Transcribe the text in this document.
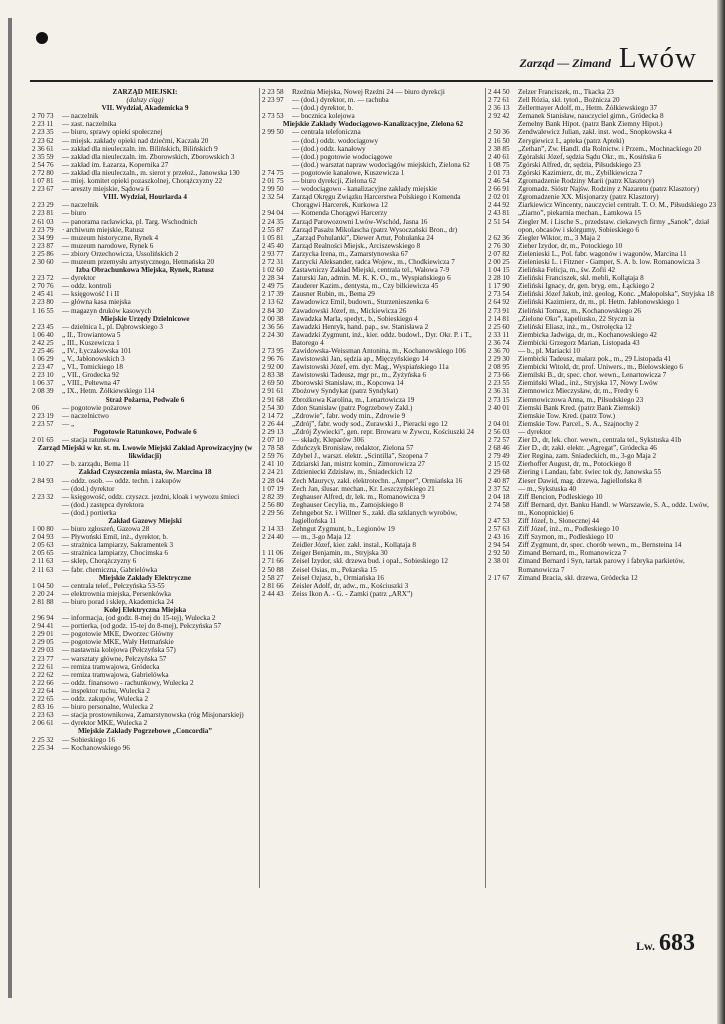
Zarząd — Zimand Lwów
ZARZĄD MIEJSKI:
(dalszy ciąg)
VII. Wydział, Akademicka 9
2 70 73	— naczelnik
2 23 11	— zast. naczelnika
2 23 35	— biuro, sprawy opieki społecznej
2 23 62	— miejsk. zakłady opieki nad dziećmi, Kaczała 20
2 36 61	— zakład dla nieuleczaln. im. Bilińskich, Bilińskich 9
2 35 59	— zakład dla nieuleczaln. im. Zborowskich, Zborowskich 3
2 54 76	— zakład im. Łazarza, Kopernika 27
2 72 80	— zakład dla nieuleczaln., m. sierot y przełoż., Janowska 130
1 07 81	— miej. komitet opieki pozaszkolnej, Chorążczyzny 22
2 23 67	— areszty miejskie, Sądowa 6
VIII. Wydział, Hourlarda 4
2 23 29	— naczelnik
2 23 81	— biuro
2 61 03	— panorama racławicka, pl. Targ. Wschodnich
2 23 79	· archiwum miejskie, Ratusz
2 34 99	— muzeum historyczne, Rynek 4
2 23 87	— muzeum narodowe, Rynek 6
2 25 86	— zbiory Orzechowicza, Ussolińskich 2
2 30 60	— muzeum przemysłu artystycznego, Hetmańska 20
Izba Obrachunkowa Miejska, Rynek, Ratusz
2 23 72	— dyrektor
2 70 76	— oddz. kontroli
2 45 41	— księgowość I i II
2 23 80	— główna kasa miejska
1 16 55	— magazyn druków kasowych
Miejskie Urzędy Dzielnicowe
2 23 45	— dzielnica I., pl. Dąbrowskiego 3
1 06 40	„ II., Trowiantowa 5
2 42 25	„ III., Kuszewicza 1
2 25 46	„ IV., Łyczakowska 101
1 06 29	„ V., Jabłonowskich 3
2 23 47	„ VI., Tomickiego 18
2 23 10	„ VII., Grodecka 92
1 06 37	„ VIII., Pełtewna 47
2 08 39	„ IX., Hetm. Żółkiewskiego 114
Straż Pożarna, Podwale 6
06	— pogotowie pożarowe
2 23 19	— naczelnictwo
2 23 57	— „
Pogotowie Ratunkowe, Podwale 6
2 01 65	— stacja ratunkowa
Zarząd Miejski w kr. st. m. Lwowie Miejski Zakład Aprowizacyjny (w likwidacji)
1 10 27	— b. zarządu, Bema 11
Zakład Czyszczenia miasta, św. Marcina 18
2 84 93	— oddz. osob. — oddz. techn. i zakupów
— (dod.) dyrektor
2 23 32	— księgowość, oddz. czyszcz. jezdni, kloak i wywozu śmieci
— (dod.) zastępca dyrektora
— (dod.) portierka
Zakład Gazowy Miejski
1 00 80	— biuro zgłoszeń, Gazowa 28
2 04 93	— Pływoński Emil, inż., dyrektor, b.
2 05 63	— strażnica lampiarzy, Sakramentek 3
2 05 65	— strażnica lampiarzy, Chocimska 6
2 11 63	— sklep, Chorążczyzny 6
2 11 63	— fabr. chemiczna, Gabrielówka
Miejskie Zakłady Elektryczne
1 04 50	— centrala telef., Pełczyńska 53-55
2 20 24	— elektrownia miejska, Persenkówka
2 81 88	— biuro porad i sklep, Akademicka 24
Kolej Elektryczna Miejska
2 96 94	— informacja, (od godz. 8-mej do 15-tej), Wulecka 2
2 94 41	— portierka, (od godz. 15-tej do 8-mej), Pełczyńska 57
2 29 01	— pogotowie MKE, Dworzec Główny
2 29 05	— pogotowie MKE, Wały Hetmańskie
2 29 03	— nastawnia kolejowa (Pełczyńska 57)
2 23 77	— warsztaty główne, Pełczyńska 57
2 22 61	— remiza tramwajowa, Gródecka
2 22 62	— remiza tramwajowa, Gabrielówka
2 22 66	— oddz. finansowo - rachunkowy, Wulecka 2
2 22 64	— inspektor ruchu, Wulecka 2
2 22 65	— oddz. zakupów, Wulecka 2
2 83 16	— biuro personalne, Wulecka 2
2 23 63	— stacja prostownikowa, Zamarstynowska (róg Misjonarskiej)
2 06 61	— dyrektor MKE, Wulecka 2
Miejskie Zakłady Pogrzebowe „Concordia”
2 25 32	— Sobieskiego 16
2 25 34	— Kochanowskiego 96
2 23 58	Rzeźnia Miejska, Nowej Rzeźni 24 — biuro dyrekcji
2 23 97	— (dod.) dyrektor, m. — rachuba
— (dod.) dyrektor, b.
2 73 53	— bocznica kolejowa
Miejskie Zakłady Wodociągowo-Kanalizacyjne, Zielona 62
2 99 50	— centrala telefoniczna
— (dod.) oddz. wodociągowy
— (dod.) oddz. kanałowy
— (dod.) pogotowie wodociągowe
— (dod.) warsztat napraw wodociągów miejskich, Zielona 62
2 74 75	— pogotowie kanałowe, Kuszewicza 1
2 01 75	— biuro dyrekcji, Zielona 62
2 99 50	— wodociągowo - kanalizacyjne zakłady miejskie
2 32 54	Zarząd Okręgu Związku Harcerstwa Polskiego i Komenda Chorągwi Harcerek, Kurkowa 12
2 94 04	— Komenda Chorągwi Harcerzy
2 24 35	Zarząd Parowozowni Lwów-Wschód, Jasna 16
2 55 87	Zarząd Pasażu Mikolascha (patrz Wysoczański Bron., dr)
1 05 81	„Zarząd Pohulanki”, Diewer Artur, Pohulanka 24
2 45 40	Zarząd Realności Miejsk., Arciszewskiego 8
2 93 77	Zarzycka Irena, m., Zamarstynowska 67
2 72 31	Zarzycki Aleksander, radca Wojew., m., Chodkiewicza 7
1 02 60	Zastawniczy Zakład Miejski, centrala tel., Wałowa 7-9
2 28 34	Zaturski Jan, admin. M. K. K. O., m., Wyspiańskiego 6
2 49 75	Zauderer Kazim., dentysta, m., Czy bilkiewicza 45
2 17 39	Zausner Rubin, m., Bema 29
2 13 62	Zawadowicz Emil, budown., Sturzenieszenka 6
2 84 30	Zawadowski Józef, m., Mickiewicza 26
2 00 38	Zawadzka Marla, spedyt., b., Sobieskiego 4
2 36 56	Zawadzki Henryk, hand. pap., sw. Stanisława 2
2 24 30	Zawadzki Zygmunt, inż., kier. oddz. budowl., Dyr. Okr. P. i T., Batorego 4
2 73 95	Zawidowska-Weissman Antonina, m., Kochanowskiego 106
2 96 76	Zawistowski Jan, sędzia ap., Mięczyńskiego 14
2 92 00	Zawistowski Józef, em. dyr. Mag., Wyspiańskiego 11a
2 83 38	Zawistowski Tadeusz, mgr pr., m., Żyżyńska 6
2 69 50	Zborowski Stanisław, m., Kopcowa 14
2 91 61	Zbożowy Syndykat (patrz Syndykat)
2 91 68	Zbrożkowa Karolina, m., Lenartowicza 19
2 54 30	Zdon Stanisław (patrz Pogrzebowy Zakł.)
2 14 72	„Zdrowie”, fabr. wody min., Zdrowie 9
2 26 44	„Zdrój”, fabr. wody sod., Zurawski J., Pieracki ego 12
2 29 13	„Zdrój Żywiecki”, gen. repr. Browaru w Żywcu, Kościuszki 24
2 07 10	— składy, Kleparów 306
2 78 58	Zduńczyk Bronisław, redaktor, Zielona 57
2 59 76	Zdybel J., warszt. elektr. „Scintilla”, Szopena 7
2 41 10	Zdziarski Jan, mistrz komin., Zimorowicza 27
2 24 21	Zdzieniecki Zdzisław, m., Śniadeckich 12
2 28 04	Zech Maurycy, zakł. elektrotechn. „Amper”, Ormiańska 16
1 07 19	Zech Jan, ślusar. mechan., Kr. Leszczyńskiego 21
2 82 39	Zeghauser Alfred, dr, lek. m., Romanowicza 9
2 56 80	Zeghauser Cecylia, m., Zamojskiego 8
2 29 56	Zehngebot Sz. i Willner S., zakł. dla szklanych wyrobów, Jagiellońska 11
2 14 33	Zehngut Zygmunt, b., Legionów 19
2 24 40	— m., 3-go Maja 12
Zeidler Józef, kier. zakł. instal., Kollątaja 8
1 11 06	Zeiger Benjamin, m., Stryjska 30
2 71 66	Zeisel Izydor, skł. drzewa bud. i opał., Sobieskiego 12
2 50 88	Zeisel Osias, m., Pekarska 15
2 58 27	Zeisel Ozjasz, b., Ormiańska 16
2 81 66	Zeisler Adolf, dr, adw., m., Kościuszki 3
2 44 43	Zeiss Ikon A. - G. - Zamki (patrz „ARX”)
2 44 50	Zelzer Franciszek, m., Tkacka 23
2 72 61	Zell Rózia, skł. tytoń., Bożnicza 20
2 36 13	Zellermayer Adolf, m., Hetm. Żółkiewskiego 37
2 92 42	Zemanek Stanisław, nauczyciel gimn., Gródecka 8
Zemełny Bank Hipot. (patrz Bank Ziemny Hipot.)
2 50 36	Zendwalewicz Julian, zakł. inst. wod., Snopkowska 4
2 16 50	Zerygiewicz I., apteka (patrz Apteki)
2 38 85	„Zethan”, Zw. Handl. dla Rolnictw. i Przem., Mochnackiego 20
2 40 61	Zgóralski Józef, sędzia Sądu Okr., m., Kosińska 6
1 08 75	Zgórski Alfred, dr, sędzia, Piłsudskiego 23
2 01 73	Zgórski Kazimierz, dr, m., Zybilkiewicza 7
2 46 54	Zgromadzenie Rodziny Marii (patrz Klasztory)
2 66 91	Zgromadz. Sióstr Najśw. Rodziny z Nazaretu (patrz Klasztory)
2 02 01	Zgromadzenie XX. Misjonarzy (patrz Klasztory)
2 44 92	Ziarkiewicz Wincenty, nauczyciel centralt. T. O. M., Piłsudskiego 23
2 43 81	„Ziarno”, piekarnia mechan., Łamkowa 15
2 51 54	Ziegler M. i Lische S., przedstaw. ciekawych firmy „Sanok”, dział opon, obcasów i skórgumy, Sobieskiego 6
2 62 36	Ziegler Wiktor, m., 3 Maja 2
2 76 30	Zieher Izydor, dr, m., Potockiego 10
2 07 82	Zielenieski L., Pol. fabr. wagonów i wagonów, Marcina 11
2 00 25	Zielenieski L. i Fitzner - Gamper, S. A. b. low. Romanowicza 3
1 04 15	Zielińska Felicja, m., św. Zofii 42
2 28 10	Zieliński Franciszek, skł. mebli, Kollątaja 8
1 17 90	Zieliński Ignacy, dr, gen. bryg. em., Łąckiego 2
2 73 54	Zieliński Józef Jakub, inż. geolog, Konc. „Małopolska”, Stryjska 18
2 64 92	Zieliński Kazimierz, dr, m., pl. Hetm. Jabłonowskiego 1
2 73 91	Zieliński Tomasz, m., Kochanowskiego 26
2 14 81	„Zielone Oko”, kapeliusko, 22 Styczn ia
2 25 60	Zieliński Eliasz, inż., m., Ostrołęcka 12
2 33 11	Ziembicka Jadwiga, dr, m., Kochanowskiego 42
2 36 74	Ziembicki Grzegorz Marian, Listopada 43
2 36 70	— b., pl. Mariacki 10
2 29 30	Ziembicki Tadeusz, malarz pok., m., 29 Listopada 41
2 08 95	Ziembicki Witold, dr, prof. Uniwers., m., Bielowskiego 6
2 73 66	Ziemilski B., dr, spec. chor. wewn., Lenartowicza 7
2 23 55	Ziemiński Wład., inż., Stryjska 17, Nowy Lwów
2 36 31	Ziemnowicz Mieczysław, dr, m., Fredry 6
2 73 15	Ziemnowiczowa Anna, m., Piłsudskiego 23
2 40 01	Ziemski Bank Kred. (patrz Bank Ziemski)
Ziemskie Tow. Kred. (patrz Tow.)
2 04 01	Ziemskie Tow. Parcel., S. A., Szajnochy 2
2 56 03	— dyrektor
2 72 57	Zier D., dr, lek. chor. wewn., centrala tel., Sykstuska 41b
2 68 46	Zier D., dr, zakł. elektr. „Agregat”, Gródecka 46
2 79 49	Zier Regina, zam. Śniadeckich, m., 3-go Maja 2
2 15 02	Zierhoffer August, dr, m., Potockiego 8
2 29 68	Ziering i Landau, fabr. świec tok dy, Janowska 55
2 40 87	Zieser Dawid, mag. drzewa, Jagiellońska 8
2 37 52	— m., Sykstuska 40
2 04 18	Ziff Bencion, Podleskiego 10
2 74 58	Ziff Bernard, dyr. Banku Handl. w Warszawie, S. A., oddz. Lwów, m., Konopnickiej 6
2 47 53	Ziff Józef, b., Słonecznej 44
2 57 63	Ziff Józef, inż., m., Podleskiego 10
2 43 16	Ziff Szymon, m., Podleskiego 10
2 94 54	Ziff Zygmunt, dr, spec. chorób wewn., m., Bernsteina 14
2 92 50	Zimand Bernard, m., Romanowicza 7
2 38 01	Zimand Bernard i Syn, tartak parowy i fabryka parkietów, Romanowicza 7
2 17 67	Zimand Bracia, skł. drzewa, Gródecka 12
Lw. 683
